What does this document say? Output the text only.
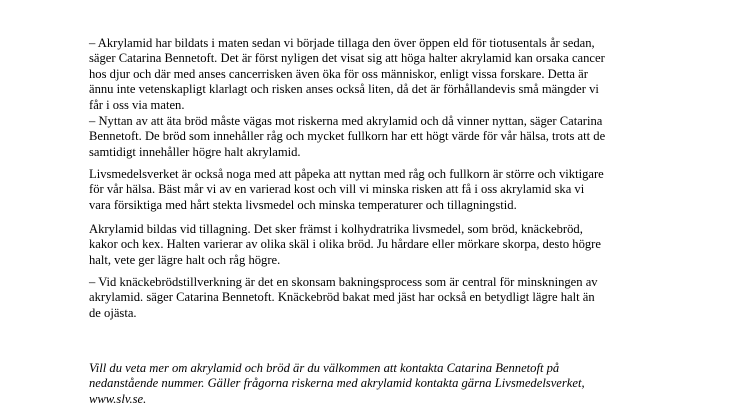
– Akrylamid har bildats i maten sedan vi började tillaga den över öppen eld för tiotusentals år sedan,
säger Catarina Bennetoft. Det är först nyligen det visat sig att höga halter akrylamid kan orsaka cancer
hos djur och där med anses cancerrisken även öka för oss människor, enligt vissa forskare. Detta är
ännu inte vetenskapligt klarlagt och risken anses också liten, då det är förhållandevis små mängder vi
får i oss via maten.

– Nyttan av att äta bröd måste vägas mot riskerna med akrylamid och då vinner nyttan, säger Catarina
Bennetoft. De bröd som innehåller råg och mycket fullkorn har ett högt värde för vår hälsa, trots att de
samtidigt innehåller högre halt akrylamid.

Livsmedelsverket är också noga med att påpeka att nyttan med råg och fullkorn är större och viktigare
för vår hälsa. Bäst mår vi av en varierad kost och vill vi minska risken att få i oss akrylamid ska vi
vara försiktiga med hårt stekta livsmedel och minska temperaturer och tillagningstid.

Akrylamid bildas vid tillagning. Det sker främst i kolhydratrika livsmedel, som bröd, knäckebröd,
kakor och kex. Halten varierar av olika skäl i olika bröd. Ju hårdare eller mörkare skorpa, desto högre
halt, vete ger lägre halt och råg högre.

– Vid knäckebrödstillverkning är det en skonsam bakningsprocess som är central för minskningen av
akrylamid. säger Catarina Bennetoft. Knäckebröd bakat med jäst har också en betydligt lägre halt än
de ojästa.

Vill du veta mer om akrylamid och bröd är du välkommen att kontakta Catarina Bennetoft på
nedanstående nummer. Gäller frågorna riskerna med akrylamid kontakta gärna Livsmedelsverket,
www.slv.se.
